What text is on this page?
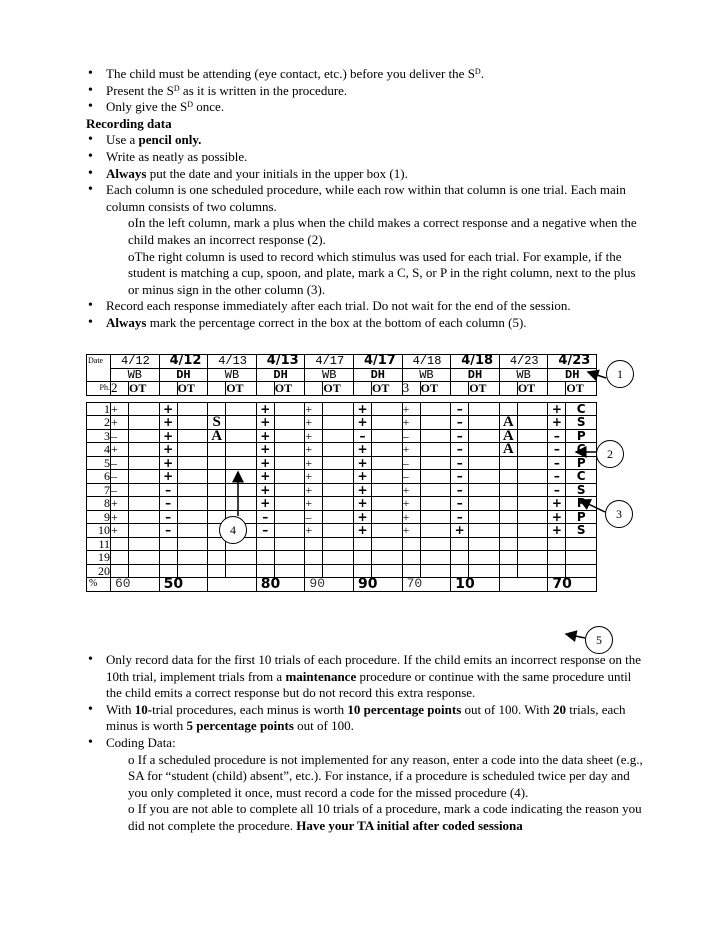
• The child must be attending (eye contact, etc.) before you deliver the $S^D$.
• Present the $S^D$ as it is written in the procedure.
• Only give the $S^D$ once.
Recording data
• Use a pencil only.
• Write as neatly as possible.
• Always put the date and your initials in the upper box (1).
• Each column is one scheduled procedure, while each row within that column is one trial. Each main column consists of two columns.
oIn the left column, mark a plus when the child makes a correct response and a negative when the child makes an incorrect response (2).
oThe right column is used to record which stimulus was used for each trial. For example, if the student is matching a cup, spoon, and plate, mark a C, S, or P in the right column, next to the plus or minus sign in the other column (3).
• Record each response immediately after each trial. Do not wait for the end of the session.
• Always mark the percentage correct in the box at the bottom of each column (5).
Date	4/12		4/12		4/13		4/13		4/17		4/17		4/18		4/18		4/23		4/23	
	WB		DH		WB		DH		WB		DH		WB		DH		WB		DH	
Ph.	2	OT		OT		OT		OT		OT		OT	3	OT		OT		OT		OT

1	+		+				+		+		+		+		–				+	C
2	+		+		S		+		+		+		+		–		A		+	S
3	–		+		A		+		+		–		–		–		A		–	P
4	+		+				+		+		+		+		–		A		–	C
5	–		+				+		+		+		–		–				–	P
6	–		+				+		+		+		–		–				–	C
7	–		–				+		+		+		+		–				–	S
8	+		–				+		+		+		+		–				+	P
9	+		–				–		–		+		+		–				+	P
10	+		–				–		+		+		+		+				+	S
11																				
19																				
20																				
%	60		50				80		90		90		70		10				70	
1
2
3
4
5
• Only record data for the first 10 trials of each procedure. If the child emits an incorrect response on the 10th trial, implement trials from a maintenance procedure or continue with the same procedure until the child emits a correct response but do not record this extra response.
• With 10-trial procedures, each minus is worth 10 percentage points out of 100. With 20 trials, each minus is worth 5 percentage points out of 100.
• Coding Data:
o If a scheduled procedure is not implemented for any reason, enter a code into the data sheet (e.g., SA for “student (child) absent”, etc.). For instance, if a procedure is scheduled twice per day and you only completed it once, must record a code for the missed procedure (4).
o If you are not able to complete all 10 trials of a procedure, mark a code indicating the reason you did not complete the procedure. Have your TA initial after coded sessiona
